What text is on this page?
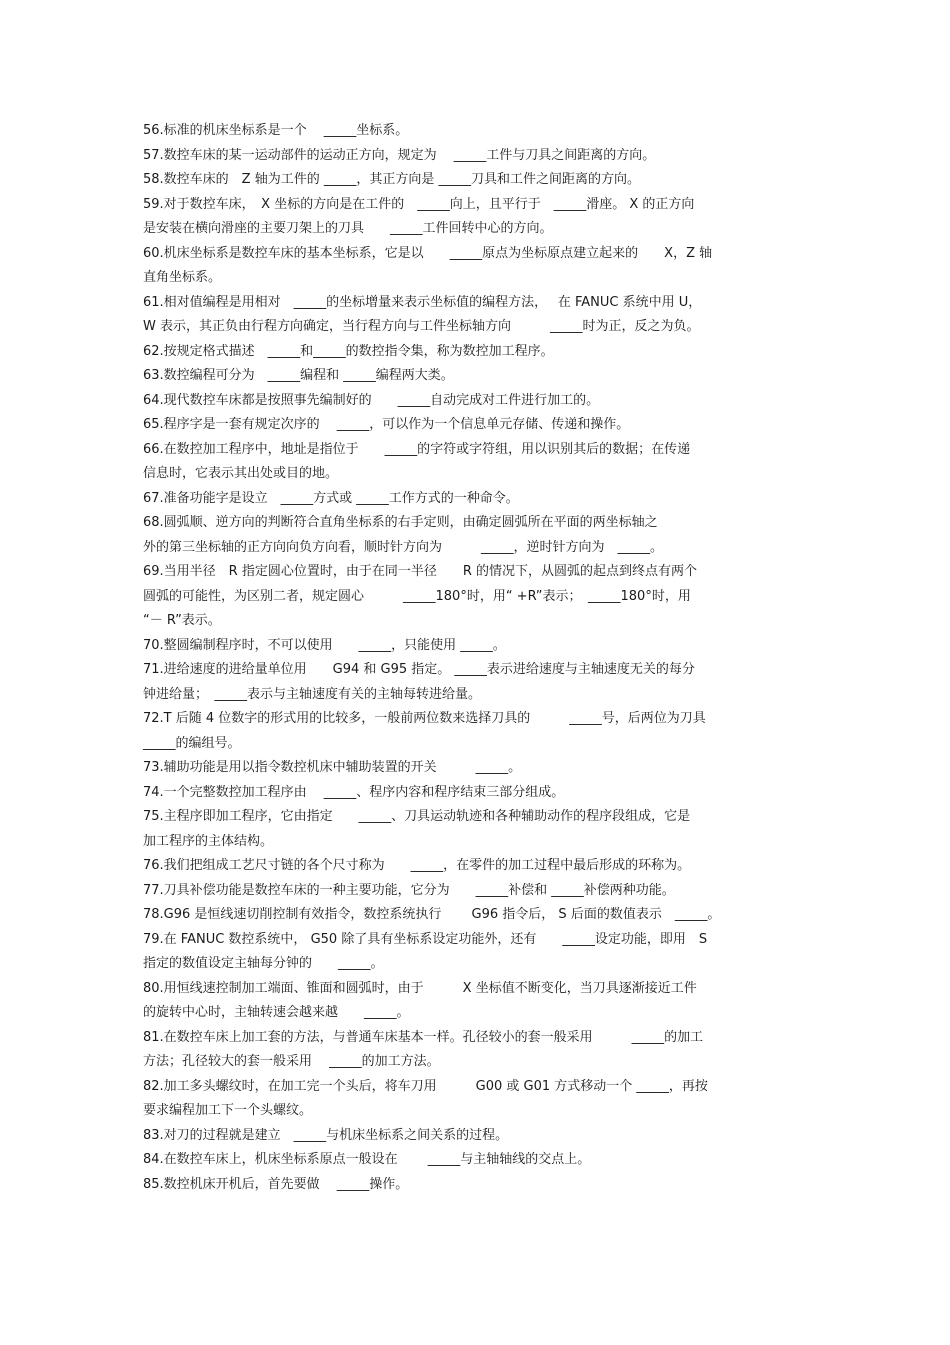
56.标准的机床坐标系是一个　 _____坐标系。

57.数控车床的某一运动部件的运动正方向，规定为　 _____工件与刀具之间距离的方向。

58.数控车床的　Z 轴为工件的 _____，其正方向是 _____刀具和工件之间距离的方向。

59.对于数控车床，　X 坐标的方向是在工件的　_____向上，且平行于　_____滑座。 X 的正方向

是安装在横向滑座的主要刀架上的刀具　　_____工件回转中心的方向。

60.机床坐标系是数控车床的基本坐标系，它是以　　_____原点为坐标原点建立起来的　　X，Z 轴

直角坐标系。

61.相对值编程是用相对　_____的坐标增量来表示坐标值的编程方法，　 在 FANUC 系统中用 U，

W 表示，其正负由行程方向确定，当行程方向与工件坐标轴方向　　　_____时为正，反之为负。

62.按规定格式描述　_____和_____的数控指令集，称为数控加工程序。

63.数控编程可分为　_____编程和 _____编程两大类。

64.现代数控车床都是按照事先编制好的　　_____自动完成对工件进行加工的。

65.程序字是一套有规定次序的　 _____，可以作为一个信息单元存储、传递和操作。

66.在数控加工程序中，地址是指位于　　_____的字符或字符组，用以识别其后的数据；在传递

信息时，它表示其出处或目的地。

67.准备功能字是设立　_____方式或 _____工作方式的一种命令。

68.圆弧顺、逆方向的判断符合直角坐标系的右手定则，由确定圆弧所在平面的两坐标轴之

外的第三坐标轴的正方向向负方向看，顺时针方向为　　　_____，逆时针方向为　_____。

69.当用半径　R 指定圆心位置时，由于在同一半径　　R 的情况下，从圆弧的起点到终点有两个

圆弧的可能性，为区别二者，规定圆心　　　_____180°时，用“ +R”表示；　_____180°时，用

“－ R”表示。

70.整圆编制程序时，不可以使用　　_____，只能使用 _____。

71.进给速度的进给量单位用　　G94 和 G95 指定。 _____表示进给速度与主轴速度无关的每分

钟进给量；　_____表示与主轴速度有关的主轴每转进给量。

72.T 后随 4 位数字的形式用的比较多，一般前两位数来选择刀具的　　　_____号，后两位为刀具

_____的编组号。

73.辅助功能是用以指令数控机床中辅助装置的开关　　　_____。

74.一个完整数控加工程序由　 _____、程序内容和程序结束三部分组成。

75.主程序即加工程序，它由指定　　_____、刀具运动轨迹和各种辅助动作的程序段组成，它是

加工程序的主体结构。

76.我们把组成工艺尺寸链的各个尺寸称为　　_____，在零件的加工过程中最后形成的环称为。

77.刀具补偿功能是数控车床的一种主要功能，它分为　　_____补偿和 _____补偿两种功能。

78.G96 是恒线速切削控制有效指令，数控系统执行　　 G96 指令后， S 后面的数值表示　_____。

79.在 FANUC 数控系统中， G50 除了具有坐标系设定功能外，还有　　_____设定功能，即用　S

指定的数值设定主轴每分钟的　　_____。

80.用恒线速控制加工端面、锥面和圆弧时，由于　　　X 坐标值不断变化，当刀具逐渐接近工件

的旋转中心时，主轴转速会越来越　　_____。

81.在数控车床上加工套的方法，与普通车床基本一样。孔径较小的套一般采用　　　_____的加工

方法；孔径较大的套一般采用　 _____的加工方法。

82.加工多头螺纹时，在加工完一个头后，将车刀用　　　G00 或 G01 方式移动一个 _____，再按

要求编程加工下一个头螺纹。

83.对刀的过程就是建立　_____与机床坐标系之间关系的过程。

84.在数控车床上，机床坐标系原点一般设在　　 _____与主轴轴线的交点上。

85.数控机床开机后，首先要做　 _____操作。
